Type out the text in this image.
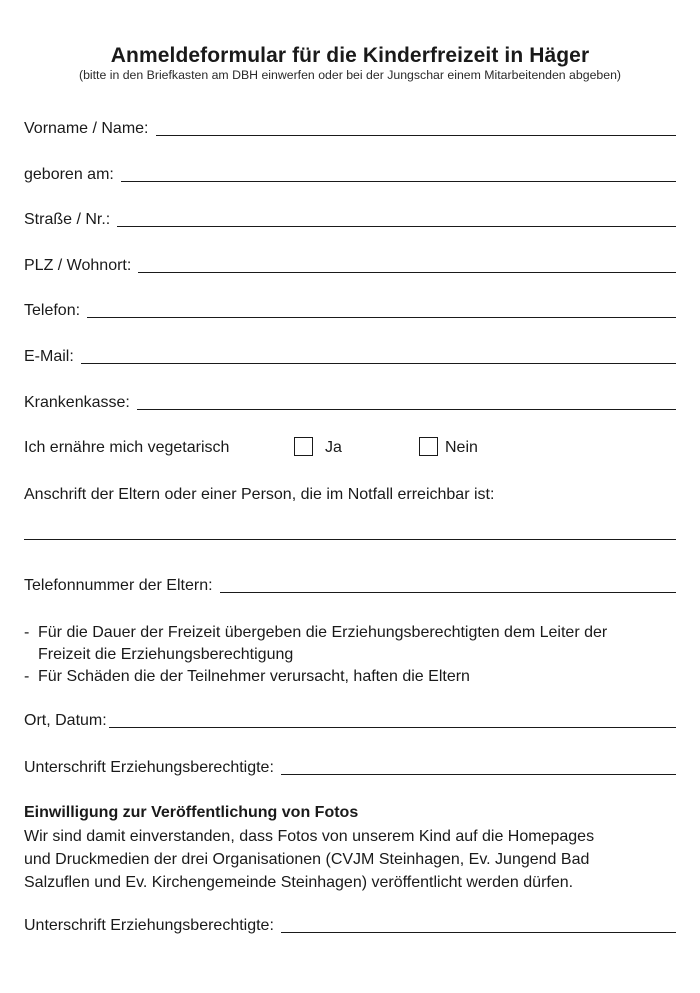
Anmeldeformular für die Kinderfreizeit in Häger
(bitte in den Briefkasten am DBH einwerfen oder bei der Jungschar einem Mitarbeitenden abgeben)
Vorname / Name:
geboren am:
Straße / Nr.:
PLZ / Wohnort:
Telefon:
E-Mail:
Krankenkasse:
Ich ernähre mich vegetarisch	Ja	Nein
Anschrift der Eltern oder einer Person, die im Notfall erreichbar ist:
Telefonnummer der Eltern:
- Für die Dauer der Freizeit übergeben die Erziehungsberechtigten dem Leiter der
Freizeit die Erziehungsberechtigung
- Für Schäden die der Teilnehmer verursacht, haften die Eltern
Ort, Datum:
Unterschrift Erziehungsberechtigte:
Einwilligung zur Veröffentlichung von Fotos
Wir sind damit einverstanden, dass Fotos von unserem Kind auf die Homepages
und Druckmedien der drei Organisationen (CVJM Steinhagen, Ev. Jungend Bad
Salzuflen und Ev. Kirchengemeinde Steinhagen) veröffentlicht werden dürfen.
Unterschrift Erziehungsberechtigte:
